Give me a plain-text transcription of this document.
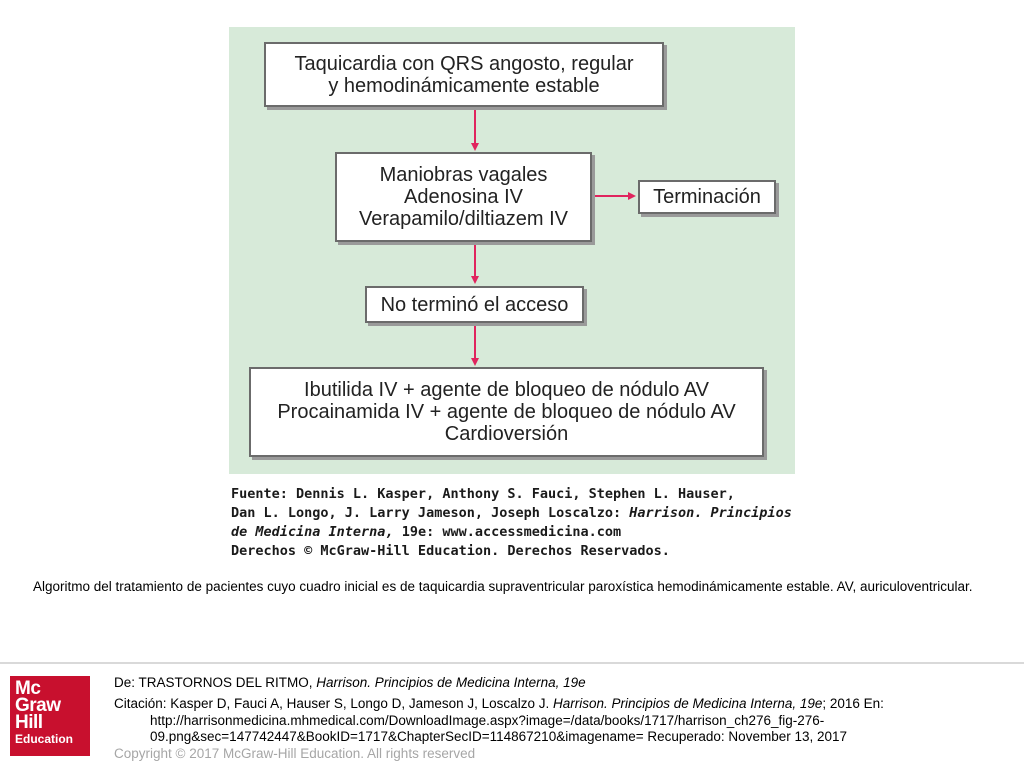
Taquicardia con QRS angosto, regular
y hemodinámicamente estable
Maniobras vagales
Adenosina IV
Verapamilo/diltiazem IV
Terminación
No terminó el acceso
Ibutilida IV + agente de bloqueo de nódulo AV
Procainamida IV + agente de bloqueo de nódulo AV
Cardioversión
Fuente: Dennis L. Kasper, Anthony S. Fauci, Stephen L. Hauser,
Dan L. Longo, J. Larry Jameson, Joseph Loscalzo: Harrison. Principios
de Medicina Interna, 19e: www.accessmedicina.com
Derechos © McGraw-Hill Education. Derechos Reservados.
Algoritmo del tratamiento de pacientes cuyo cuadro inicial es de taquicardia supraventricular paroxística hemodinámicamente estable. AV, auriculoventricular.
Mc
Graw
Hill
Education
De: TRASTORNOS DEL RITMO, Harrison. Principios de Medicina Interna, 19e
Citación: Kasper D, Fauci A, Hauser S, Longo D, Jameson J, Loscalzo J. Harrison. Principios de Medicina Interna, 19e; 2016 En:
http://harrisonmedicina.mhmedical.com/DownloadImage.aspx?image=/data/books/1717/harrison_ch276_fig-276-
09.png&sec=147742447&BookID=1717&ChapterSecID=114867210&imagename= Recuperado: November 13, 2017
Copyright © 2017 McGraw-Hill Education. All rights reserved
